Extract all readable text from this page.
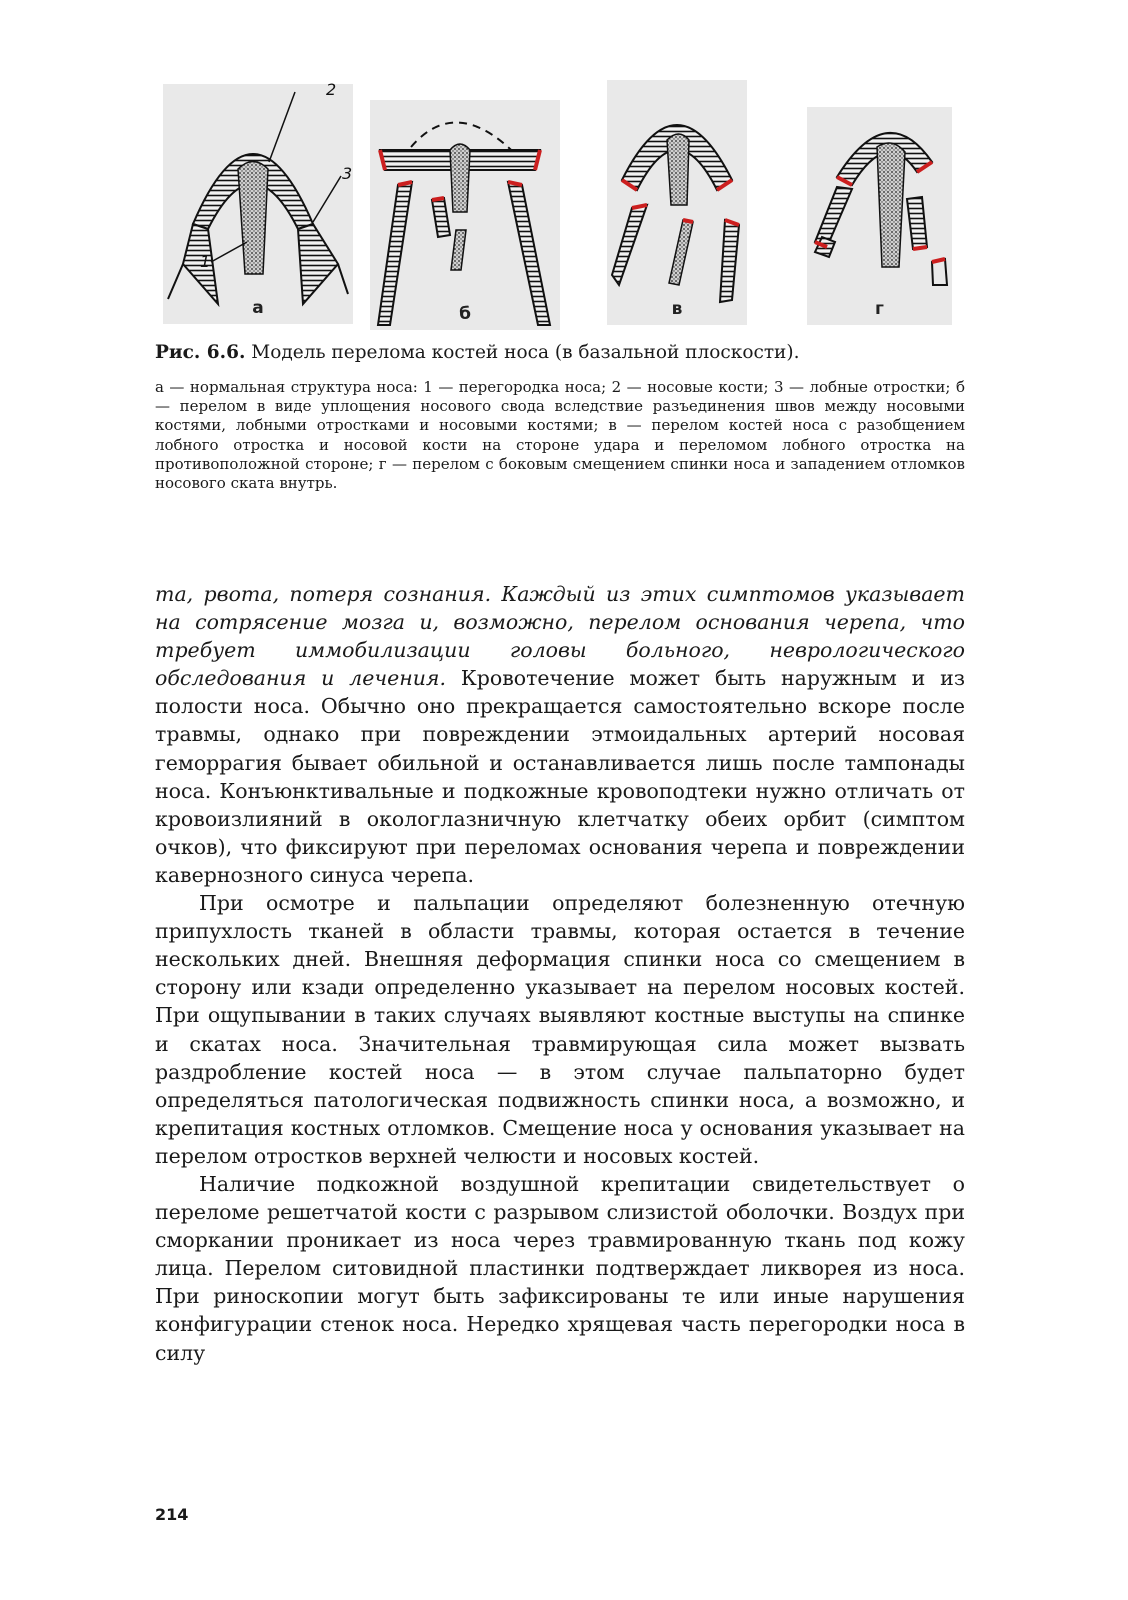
а
1
2
3
б	в	г
Рис. 6.6. Модель перелома костей носа (в базальной плоскости).
а — нормальная структура носа: 1 — перегородка носа; 2 — носовые кости; 3 — лобные отростки; б — перелом в виде уплощения носового свода вследствие разъединения швов между носовыми костями, лобными отростками и носовыми костями; в — перелом костей носа с разобщением лобного отростка и носовой кости на стороне удара и переломом лобного отростка на противоположной стороне; г — перелом с боковым смещением спинки носа и западением отломков носового ската внутрь.

та, рвота, потеря сознания. Каждый из этих симптомов указывает на сотрясение мозга и, возможно, перелом основания черепа, что требует иммобилизации головы больного, неврологического обследования и лечения. Кровотечение может быть наружным и из полости носа. Обычно оно прекращается самостоятельно вскоре после травмы, однако при повреждении этмоидальных артерий носовая геморрагия бывает обильной и останавливается лишь после тампонады носа. Конъюнктивальные и подкожные кровоподтеки нужно отличать от кровоизлияний в окологлазничную клетчатку обеих орбит (симптом очков), что фиксируют при переломах основания черепа и повреждении кавернозного синуса черепа.

При осмотре и пальпации определяют болезненную отечную припухлость тканей в области травмы, которая остается в течение нескольких дней. Внешняя деформация спинки носа со смещением в сторону или кзади определенно указывает на перелом носовых костей. При ощупывании в таких случаях выявляют костные выступы на спинке и скатах носа. Значительная травмирующая сила может вызвать раздробление костей носа — в этом случае пальпаторно будет определяться патологическая подвижность спинки носа, а возможно, и крепитация костных отломков. Смещение носа у основания указывает на перелом отростков верхней челюсти и носовых костей.

Наличие подкожной воздушной крепитации свидетельствует о переломе решетчатой кости с разрывом слизистой оболочки. Воздух при сморкании проникает из носа через травмированную ткань под кожу лица. Перелом ситовидной пластинки подтверждает ликворея из носа. При риноскопии могут быть зафиксированы те или иные нарушения конфигурации стенок носа. Нередко хрящевая часть перегородки носа в силу

214
